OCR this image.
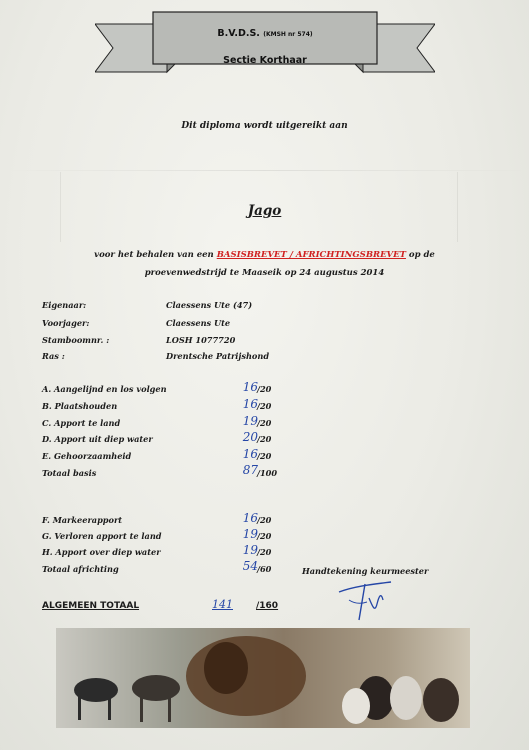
B.V.D.S. (KMSH nr 574)
Sectie Korthaar
Dit diploma wordt uitgereikt aan
Jago
voor het behalen van een BASISBREVET / AFRICHTINGSBREVET op de
proevenwedstrijd te Maaseik op 24 augustus 2014
Eigenaar:	Claessens Ute (47)
Voorjager:	Claessens Ute
Stamboomnr. :	LOSH 1077720
Ras :	Drentsche Patrijshond
A. Aangelijnd en los volgen	16 /20
B. Plaatshouden	16 /20
C. Apport te land	19 /20
D. Apport uit diep water	20 /20
E. Gehoorzaamheid	16 /20
Totaal basis	87 /100
F. Markeerapport	16 /20
G. Verloren apport te land	19 /20
H. Apport over diep water	19 /20
Totaal africhting	54 /60	Handtekening keurmeester
ALGEMEEN TOTAAL	141	/160
